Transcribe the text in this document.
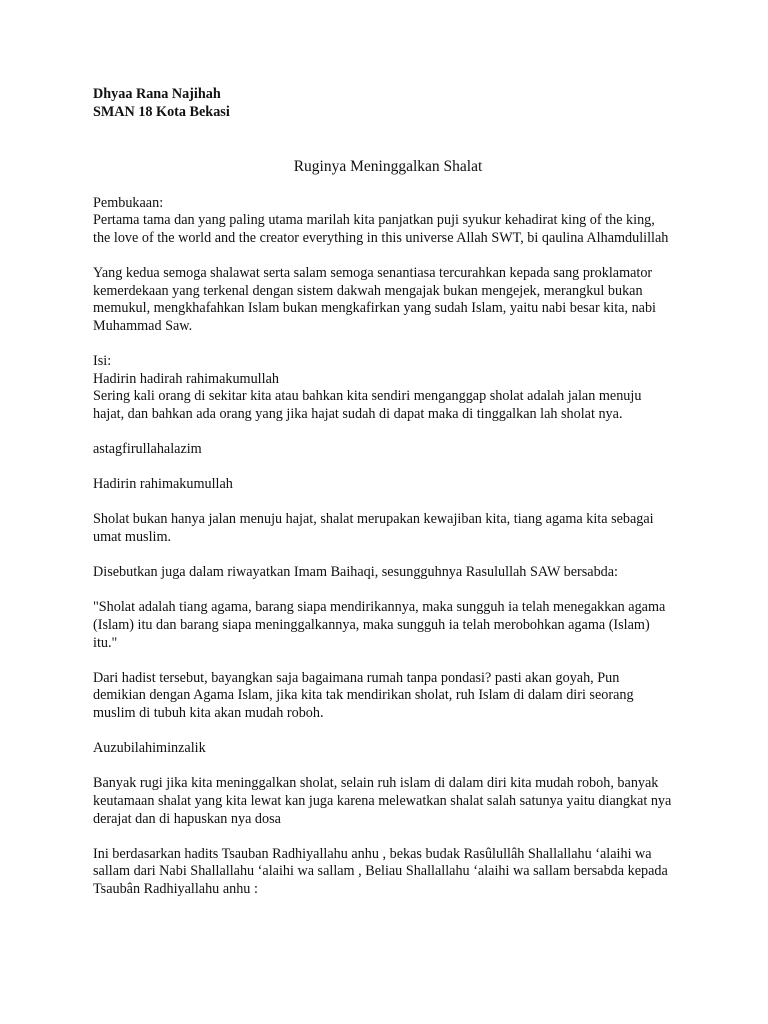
Dhyaa Rana Najihah
SMAN 18 Kota Bekasi
Ruginya Meninggalkan Shalat
Pembukaan:
Pertama tama dan yang paling utama marilah kita panjatkan puji syukur kehadirat king of the king,
the love of the world and the creator everything in this universe Allah SWT, bi qaulina Alhamdulillah
Yang kedua semoga shalawat serta salam semoga senantiasa tercurahkan kepada sang proklamator
kemerdekaan yang terkenal dengan sistem dakwah mengajak bukan mengejek, merangkul bukan
memukul, mengkhafahkan Islam bukan mengkafirkan yang sudah Islam, yaitu nabi besar kita, nabi
Muhammad Saw.
Isi:
Hadirin hadirah rahimakumullah
Sering kali orang di sekitar kita atau bahkan kita sendiri menganggap sholat adalah jalan menuju
hajat, dan bahkan ada orang yang jika hajat sudah di dapat maka di tinggalkan lah sholat nya.
astagfirullahalazim
Hadirin rahimakumullah
Sholat bukan hanya jalan menuju hajat, shalat merupakan kewajiban kita, tiang agama kita sebagai
umat muslim.
Disebutkan juga dalam riwayatkan Imam Baihaqi, sesungguhnya Rasulullah SAW bersabda:
"Sholat adalah tiang agama, barang siapa mendirikannya, maka sungguh ia telah menegakkan agama
(Islam) itu dan barang siapa meninggalkannya, maka sungguh ia telah merobohkan agama (Islam)
itu."
Dari hadist tersebut, bayangkan saja bagaimana rumah tanpa pondasi? pasti akan goyah, Pun
demikian dengan Agama Islam, jika kita tak mendirikan sholat, ruh Islam di dalam diri seorang
muslim di tubuh kita akan mudah roboh.
Auzubilahiminzalik
Banyak rugi jika kita meninggalkan sholat, selain ruh islam di dalam diri kita mudah roboh, banyak
keutamaan shalat yang kita lewat kan juga karena melewatkan shalat salah satunya yaitu diangkat nya
derajat dan di hapuskan nya dosa
Ini berdasarkan hadits Tsauban Radhiyallahu anhu , bekas budak Rasûlullâh Shallallahu ‘alaihi wa
sallam dari Nabi Shallallahu ‘alaihi wa sallam , Beliau Shallallahu ‘alaihi wa sallam bersabda kepada
Tsaubân Radhiyallahu anhu :
